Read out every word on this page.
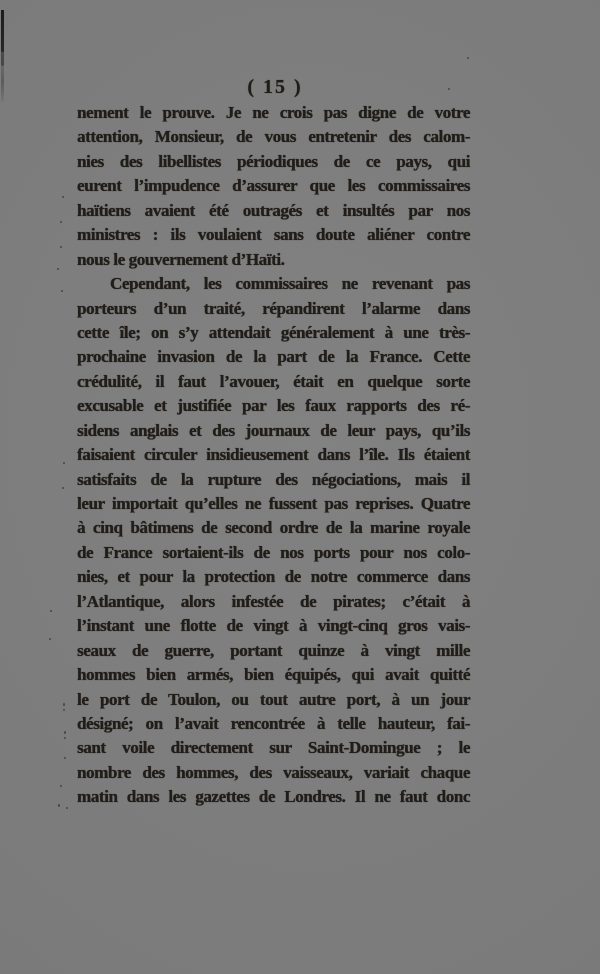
( 15 )
nement le prouve. Je ne crois pas digne de votre
attention, Monsieur, de vous entretenir des calom-
nies des libellistes périodiques de ce pays, qui
eurent l’impudence d’assurer que les commissaires
haïtiens avaient été outragés et insultés par nos
ministres : ils voulaient sans doute aliéner contre
nous le gouvernement d’Haïti.
Cependant, les commissaires ne revenant pas
porteurs d’un traité, répandirent l’alarme dans
cette île; on s’y attendait généralement à une très-
prochaine invasion de la part de la France. Cette
crédulité, il faut l’avouer, était en quelque sorte
excusable et justifiée par les faux rapports des ré-
sidens anglais et des journaux de leur pays, qu’ils
faisaient circuler insidieusement dans l’île. Ils étaient
satisfaits de la rupture des négociations, mais il
leur importait qu’elles ne fussent pas reprises. Quatre
à cinq bâtimens de second ordre de la marine royale
de France sortaient-ils de nos ports pour nos colo-
nies, et pour la protection de notre commerce dans
l’Atlantique, alors infestée de pirates; c’était à
l’instant une flotte de vingt à vingt-cinq gros vais-
seaux de guerre, portant quinze à vingt mille
hommes bien armés, bien équipés, qui avait quitté
le port de Toulon, ou tout autre port, à un jour
désigné; on l’avait rencontrée à telle hauteur, fai-
sant voile directement sur Saint-Domingue ; le
nombre des hommes, des vaisseaux, variait chaque
matin dans les gazettes de Londres. Il ne faut donc
